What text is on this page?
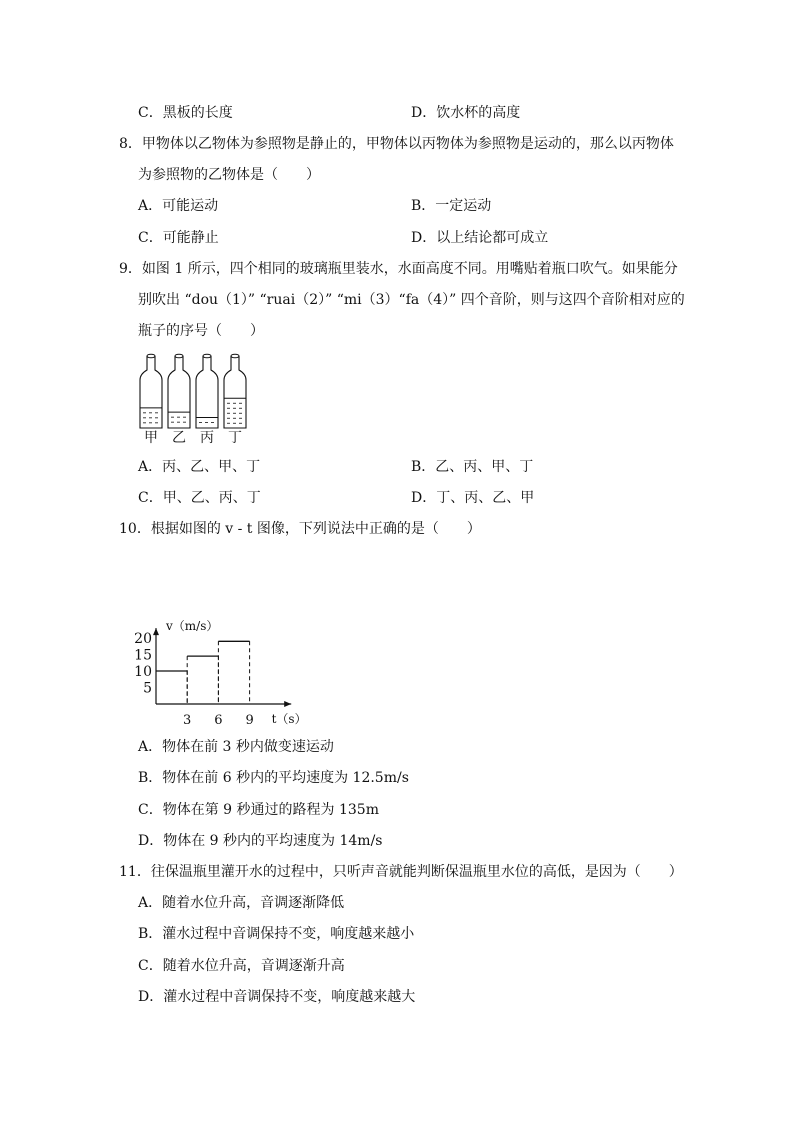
C．黑板的长度	D．饮水杯的高度
8．甲物体以乙物体为参照物是静止的，甲物体以丙物体为参照物是运动的，那么以丙物体
为参照物的乙物体是（　　）
A．可能运动	B．一定运动
C．可能静止	D．以上结论都可成立
9．如图 1 所示，四个相同的玻璃瓶里装水，水面高度不同。用嘴贴着瓶口吹气。如果能分
别吹出 “dou（1）” “ruai（2）” “mi（3）“fa（4）” 四个音阶，则与这四个音阶相对应的
瓶子的序号（　　）
甲 乙 丙 丁
A．丙、乙、甲、丁	B．乙、丙、甲、丁
C．甲、乙、丙、丁	D．丁、丙、乙、甲
10．根据如图的 v - t 图像，下列说法中正确的是（　　）
v（m/s）
t（s）
5
10
15
20
3 6 9
A．物体在前 3 秒内做变速运动
B．物体在前 6 秒内的平均速度为 12.5m/s
C．物体在第 9 秒通过的路程为 135m
D．物体在 9 秒内的平均速度为 14m/s
11．往保温瓶里灌开水的过程中，只听声音就能判断保温瓶里水位的高低，是因为（　　）
A．随着水位升高，音调逐渐降低
B．灌水过程中音调保持不变，响度越来越小
C．随着水位升高，音调逐渐升高
D．灌水过程中音调保持不变，响度越来越大
